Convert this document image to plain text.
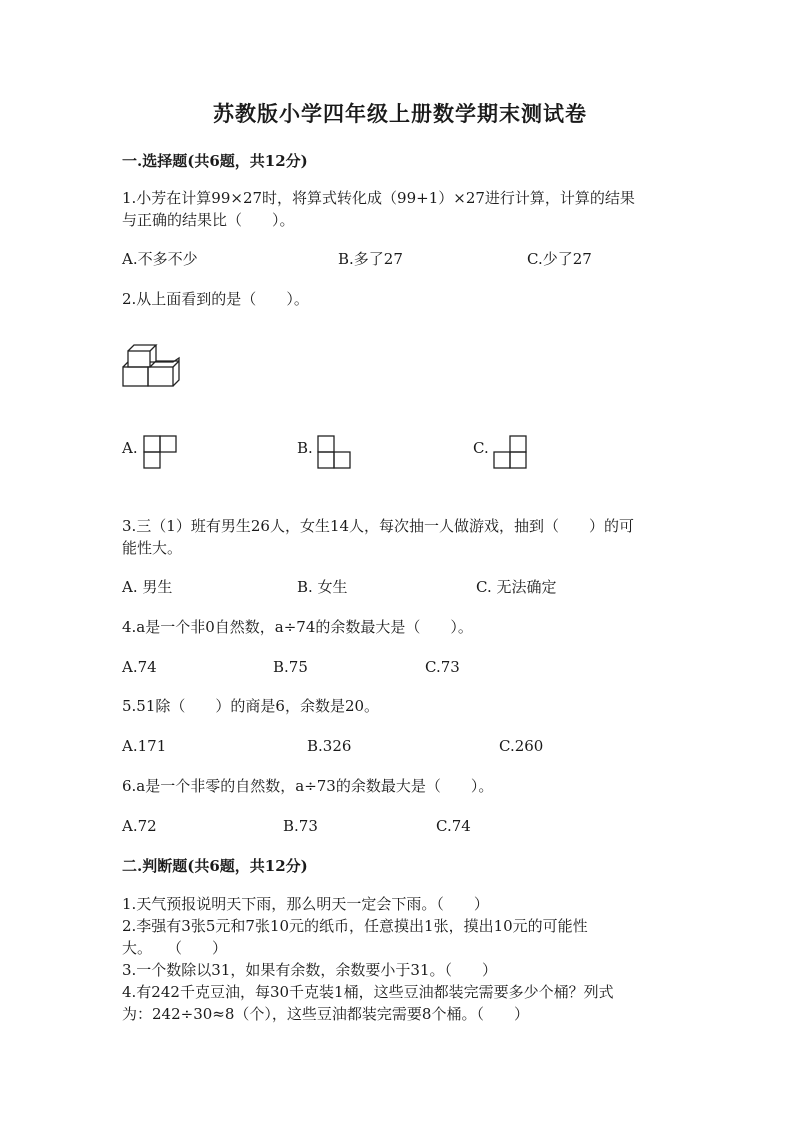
苏教版小学四年级上册数学期末测试卷
一.选择题(共6题，共12分)
1.小芳在计算99×27时，将算式转化成（99+1）×27进行计算，计算的结果
与正确的结果比（　　）。
A.不多不少	B.多了27	C.少了27
2.从上面看到的是（　　）。
A.	B.	C.
3.三（1）班有男生26人，女生14人，每次抽一人做游戏，抽到（　　）的可
能性大。
A. 男生	B. 女生	C. 无法确定
4.a是一个非0自然数，a÷74的余数最大是（　　）。
A.74	B.75	C.73
5.51除（　　）的商是6，余数是20。
A.171	B.326	C.260
6.a是一个非零的自然数，a÷73的余数最大是（　　）。
A.72	B.73	C.74
二.判断题(共6题，共12分)
1.天气预报说明天下雨，那么明天一定会下雨。（　　）
2.李强有3张5元和7张10元的纸币，任意摸出1张，摸出10元的可能性
大。　　（　　）
3.一个数除以31，如果有余数，余数要小于31。（　　）
4.有242千克豆油，每30千克装1桶，这些豆油都装完需要多少个桶？列式
为：242÷30≈8（个），这些豆油都装完需要8个桶。（　　）
